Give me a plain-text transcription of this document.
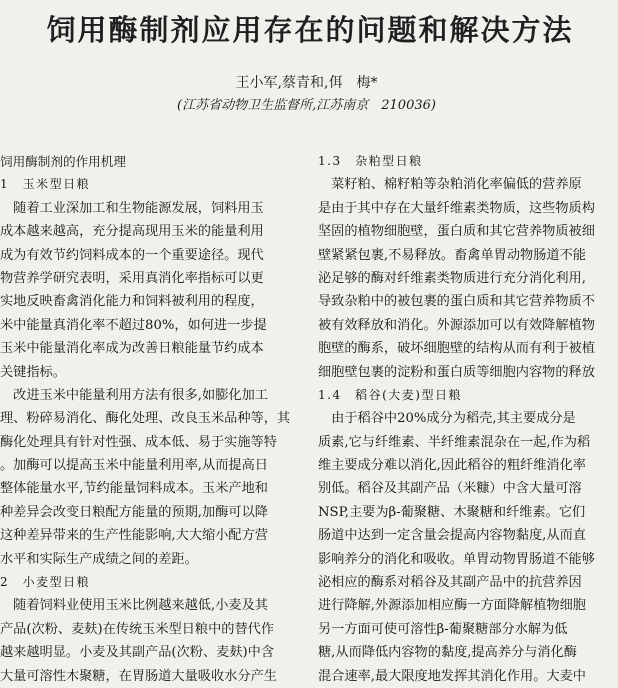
饲用酶制剂应用存在的问题和解决方法
王小军,蔡青和,佴　梅*
(江苏省动物卫生监督所,江苏南京　210036)
饲用酶制剂的作用机理
1　玉米型日粮
　随着工业深加工和生物能源发展，饲料用玉
成本越来越高，充分提高现用玉米的能量利用
成为有效节约饲料成本的一个重要途径。现代
物营养学研究表明，采用真消化率指标可以更
实地反映畜禽消化能力和饲料被利用的程度，
米中能量真消化率不超过80%，如何进一步提
玉米中能量消化率成为改善日粮能量节约成本
关键指标。
　改进玉米中能量利用方法有很多,如膨化加工
理、粉碎易消化、酶化处理、改良玉米品种等，其
酶化处理具有针对性强、成本低、易于实施等特
。加酶可以提高玉米中能量利用率,从而提高日
整体能量水平,节约能量饲料成本。玉米产地和
种差异会改变日粮配方能量的预期,加酶可以降
这种差异带来的生产性能影响,大大缩小配方营
水平和实际生产成绩之间的差距。
2　小麦型日粮
　随着饲料业使用玉米比例越来越低,小麦及其
产品(次粉、麦麸)在传统玉米型日粮中的替代作
越来越明显。小麦及其副产品(次粉、麦麸)中含
大量可溶性木聚糖，在胃肠道大量吸收水分产生
1.3　杂粕型日粮
　菜籽粕、棉籽粕等杂粕消化率偏低的营养原
是由于其中存在大量纤维素类物质，这些物质构
坚固的植物细胞壁，蛋白质和其它营养物质被细
壁紧紧包裹,不易释放。畜禽单胃动物肠道不能
泌足够的酶对纤维素类物质进行充分消化利用,
导致杂粕中的被包裹的蛋白质和其它营养物质不
被有效释放和消化。外源添加可以有效降解植物
胞壁的酶系，破坏细胞壁的结构从而有利于被植
细胞壁包裹的淀粉和蛋白质等细胞内容物的释放
1.4　稻谷(大麦)型日粮
　由于稻谷中20%成分为稻壳,其主要成分是
质素,它与纤维素、半纤维素混杂在一起,作为稻
维主要成分难以消化,因此稻谷的粗纤维消化率
别低。稻谷及其副产品（米糠）中含大量可溶
NSP,主要为β-葡聚糖、木聚糖和纤维素。它们
肠道中达到一定含量会提高内容物黏度,从而直
影响养分的消化和吸收。单胃动物胃肠道不能够
泌相应的酶系对稻谷及其副产品中的抗营养因
进行降解,外源添加相应酶一方面降解植物细胞
另一方面可使可溶性β-葡聚糖部分水解为低
糖,从而降低内容物的黏度,提高养分与消化酶
混合速率,最大限度地发挥其消化作用。大麦中
